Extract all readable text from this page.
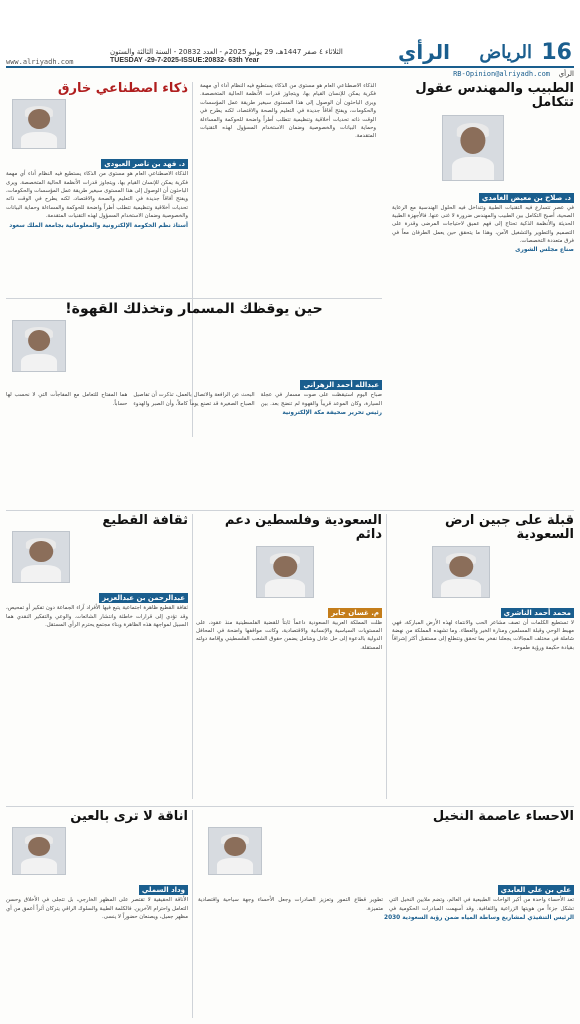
16
الرياض
الرأي
الثلاثاء ٤ صفر 1447هـ، 29 يوليو 2025م - العدد 20832 - السنة الثالثة والستون
TUESDAY -29-7-2025-ISSUE:20832- 63th Year
www.alriyadh.com
RB-Opinion@alriyadh.com الرأي
الطبيب والمهندس عقول تتكامل
د. صلاح بن معيض الغامدي
في عصر تتسارع فيه التقنيات الطبية وتتداخل فيه الحلول الهندسية مع الرعاية الصحية، أصبح التكامل بين الطبيب والمهندس ضرورة لا غنى عنها. فالأجهزة الطبية الحديثة والأنظمة الذكية تحتاج إلى فهم عميق لاحتياجات المرضى وقدرة على التصميم والتطوير والتشغيل الآمن، وهذا ما يتحقق حين يعمل الطرفان معاً في فرق متعددة التخصصات.
صناع مجلس الشورى
ذكاء اصطناعي خارق
د. فهد بن ناصر العبودي
الذكاء الاصطناعي العام هو مستوى من الذكاء يستطيع فيه النظام أداء أي مهمة فكرية يمكن للإنسان القيام بها، ويتجاوز قدرات الأنظمة الحالية المتخصصة. ويرى الباحثون أن الوصول إلى هذا المستوى سيغير طريقة عمل المؤسسات والحكومات، ويفتح آفاقاً جديدة في التعليم والصحة والاقتصاد، لكنه يطرح في الوقت ذاته تحديات أخلاقية وتنظيمية تتطلب أطراً واضحة للحوكمة والمساءلة وحماية البيانات والخصوصية وضمان الاستخدام المسؤول لهذه التقنيات المتقدمة.
أستاذ نظم الحكومة الإلكترونية والمعلوماتية بجامعة الملك سعود
الذكاء الاصطناعي العام هو مستوى من الذكاء يستطيع فيه النظام أداء أي مهمة فكرية يمكن للإنسان القيام بها، ويتجاوز قدرات الأنظمة الحالية المتخصصة. ويرى الباحثون أن الوصول إلى هذا المستوى سيغير طريقة عمل المؤسسات والحكومات، ويفتح آفاقاً جديدة في التعليم والصحة والاقتصاد، لكنه يطرح في الوقت ذاته تحديات أخلاقية وتنظيمية تتطلب أطراً واضحة للحوكمة والمساءلة وحماية البيانات والخصوصية وضمان الاستخدام المسؤول لهذه التقنيات المتقدمة.
حين يوقظك المسمار وتخذلك القهوة!
عبدالله أحمد الزهراني
صباح اليوم استيقظت على صوت مسمار في عجلة السيارة، وكان الموعد قريباً والقهوة لم تنضج بعد. بين البحث عن الرافعة والاتصال بالعمل، تذكرت أن تفاصيل الصباح الصغيرة قد تصنع يوماً كاملاً، وأن الصبر والهدوء هما المفتاح للتعامل مع المفاجآت التي لا نحسب لها حساباً.
رئيس تحرير صحيفة مكة الإلكترونية
قبلة على جبين أرض السعودية
محمد أحمد الناشري
لا تستطيع الكلمات أن تصف مشاعر الحب والانتماء لهذه الأرض المباركة، فهي مهبط الوحي وقبلة المسلمين ومنارة الخير والعطاء. وما تشهده المملكة من نهضة شاملة في مختلف المجالات يجعلنا نفخر بما تحقق ونتطلع إلى مستقبل أكثر إشراقاً بقيادة حكيمة ورؤية طموحة.
السعودية وفلسطين دعم دائم
م. غسان جابر
ظلت المملكة العربية السعودية داعماً ثابتاً للقضية الفلسطينية منذ عقود، على المستويات السياسية والإنسانية والاقتصادية، وكانت مواقفها واضحة في المحافل الدولية بالدعوة إلى حل عادل وشامل يضمن حقوق الشعب الفلسطيني وإقامة دولته المستقلة.
ثقافة القطيع
عبدالرحمن بن عبدالعزيز
ثقافة القطيع ظاهرة اجتماعية يتبع فيها الأفراد آراء الجماعة دون تفكير أو تمحيص، وقد تؤدي إلى قرارات خاطئة وانتشار الشائعات. والوعي والتفكير النقدي هما السبيل لمواجهة هذه الظاهرة وبناء مجتمع يحترم الرأي المستقل.
الأحساء عاصمة النخيل
علي بن علي العابدي
تعد الأحساء واحدة من أكبر الواحات الطبيعية في العالم، وتضم ملايين النخيل التي تشكل جزءاً من هويتها الزراعية والثقافية. وقد أسهمت المبادرات الحكومية في تطوير قطاع التمور وتعزيز الصادرات وجعل الأحساء وجهة سياحية واقتصادية متميزة.
الرئيس التنفيذي لمشاريع وساطة المياه ضمن رؤية السعودية 2030
أناقة لا ترى بالعين
وداد السملي
الأناقة الحقيقية لا تقتصر على المظهر الخارجي، بل تتجلى في الأخلاق وحسن التعامل واحترام الآخرين. فالكلمة الطيبة والسلوك الراقي يتركان أثراً أعمق من أي مظهر جميل، ويصنعان حضوراً لا ينسى.
